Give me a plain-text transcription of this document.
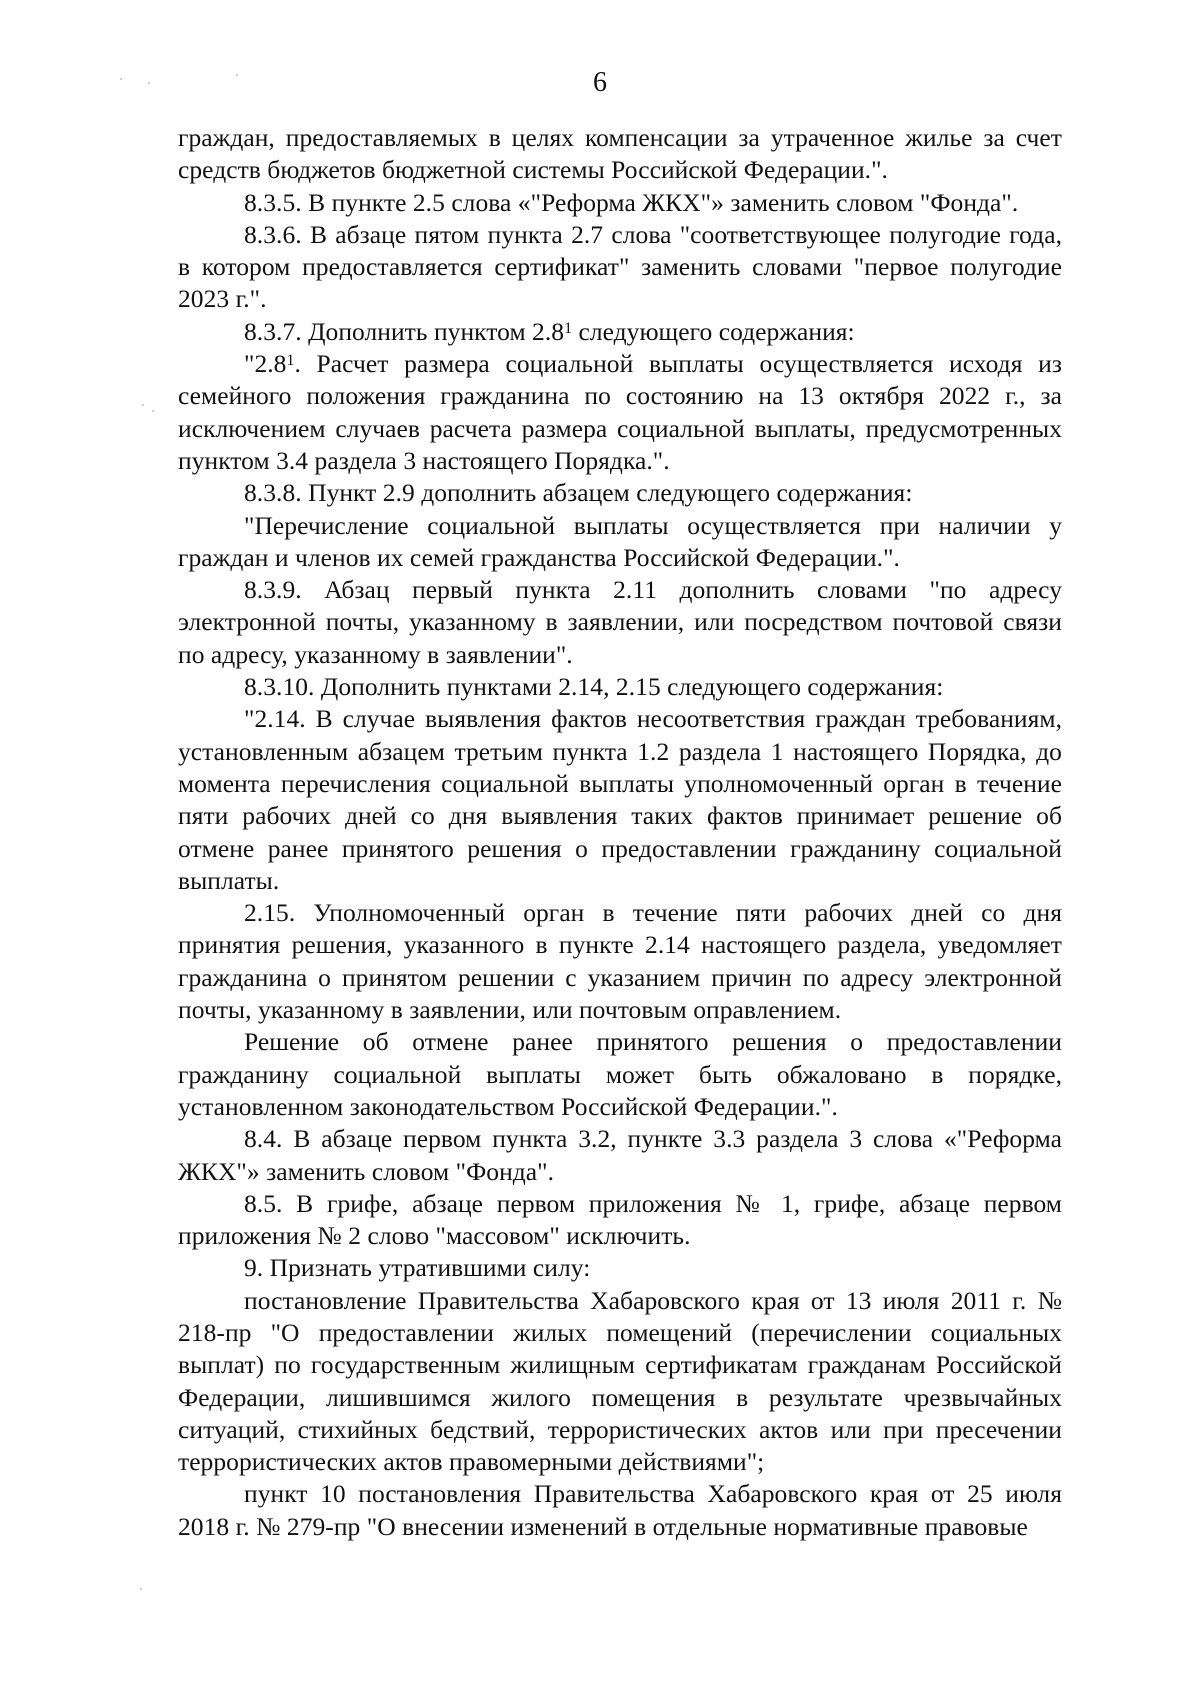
6

граждан, предоставляемых в целях компенсации за утраченное жилье за счет средств бюджетов бюджетной системы Российской Федерации.".

8.3.5. В пункте 2.5 слова «"Реформа ЖКХ"» заменить словом "Фонда".

8.3.6. В абзаце пятом пункта 2.7 слова "соответствующее полугодие года, в котором предоставляется сертификат" заменить словами "первое полугодие 2023 г.".

8.3.7. Дополнить пунктом $2.8^1$ следующего содержания:

"$2.8^1$. Расчет размера социальной выплаты осуществляется исходя из семейного положения гражданина по состоянию на 13 октября 2022 г., за исключением случаев расчета размера социальной выплаты, предусмотренных пунктом 3.4 раздела 3 настоящего Порядка.".

8.3.8. Пункт 2.9 дополнить абзацем следующего содержания:

"Перечисление социальной выплаты осуществляется при наличии у граждан и членов их семей гражданства Российской Федерации.".

8.3.9. Абзац первый пункта 2.11 дополнить словами "по адресу электронной почты, указанному в заявлении, или посредством почтовой связи по адресу, указанному в заявлении".

8.3.10. Дополнить пунктами 2.14, 2.15 следующего содержания:

"2.14. В случае выявления фактов несоответствия граждан требованиям, установленным абзацем третьим пункта 1.2 раздела 1 настоящего Порядка, до момента перечисления социальной выплаты уполномоченный орган в течение пяти рабочих дней со дня выявления таких фактов принимает решение об отмене ранее принятого решения о предоставлении гражданину социальной выплаты.

2.15. Уполномоченный орган в течение пяти рабочих дней со дня принятия решения, указанного в пункте 2.14 настоящего раздела, уведомляет гражданина о принятом решении с указанием причин по адресу электронной почты, указанному в заявлении, или почтовым оправлением.

Решение об отмене ранее принятого решения о предоставлении гражданину социальной выплаты может быть обжаловано в порядке, установленном законодательством Российской Федерации.".

8.4. В абзаце первом пункта 3.2, пункте 3.3 раздела 3 слова «"Реформа ЖКХ"» заменить словом "Фонда".

8.5. В грифе, абзаце первом приложения № 1, грифе, абзаце первом приложения № 2 слово "массовом" исключить.

9. Признать утратившими силу:

постановление Правительства Хабаровского края от 13 июля 2011 г. № 218-пр "О предоставлении жилых помещений (перечислении социальных выплат) по государственным жилищным сертификатам гражданам Российской Федерации, лишившимся жилого помещения в результате чрезвычайных ситуаций, стихийных бедствий, террористических актов или при пресечении террористических актов правомерными действиями";

пункт 10 постановления Правительства Хабаровского края от 25 июля 2018 г. № 279-пр "О внесении изменений в отдельные нормативные правовые
